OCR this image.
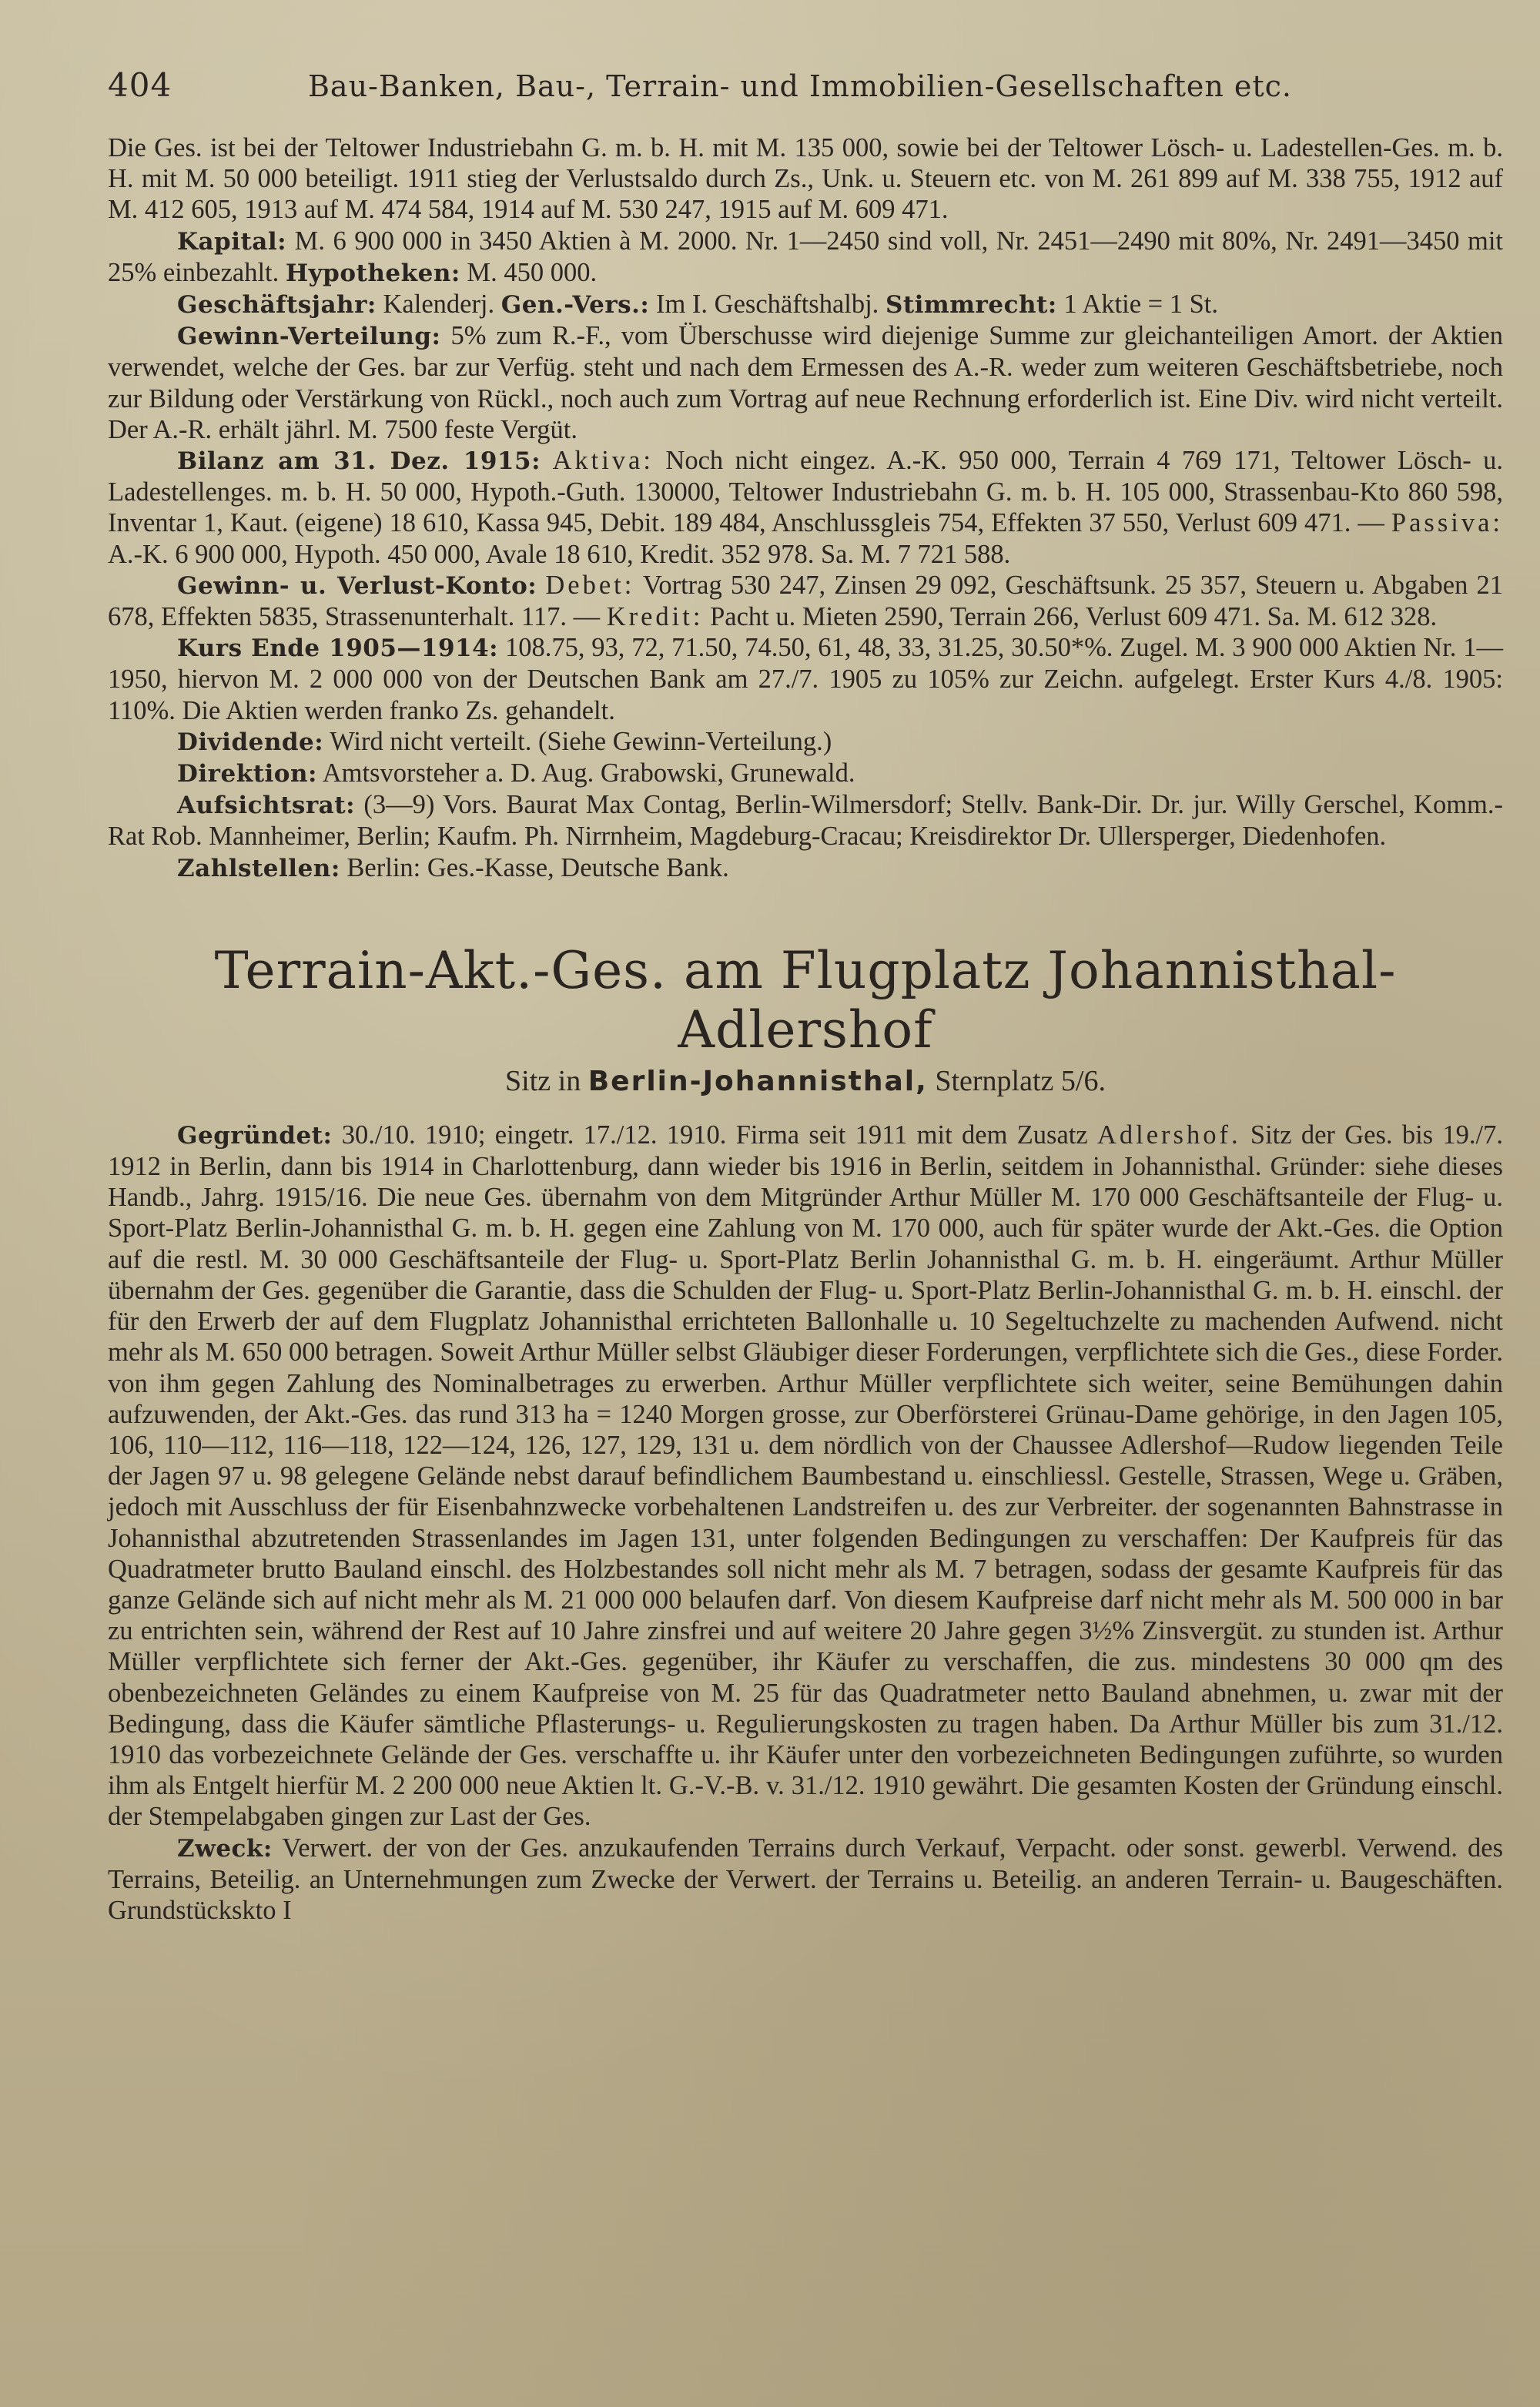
404	Bau-Banken, Bau-, Terrain- und Immobilien-Gesellschaften etc.

Die Ges. ist bei der Teltower Industriebahn G. m. b. H. mit M. 135 000, sowie bei der Teltower Lösch- u. Ladestellen-Ges. m. b. H. mit M. 50 000 beteiligt. 1911 stieg der Verlustsaldo durch Zs., Unk. u. Steuern etc. von M. 261 899 auf M. 338 755, 1912 auf M. 412 605, 1913 auf M. 474 584, 1914 auf M. 530 247, 1915 auf M. 609 471.

Kapital: M. 6 900 000 in 3450 Aktien à M. 2000. Nr. 1—2450 sind voll, Nr. 2451—2490 mit 80%, Nr. 2491—3450 mit 25% einbezahlt. Hypotheken: M. 450 000.

Geschäftsjahr: Kalenderj. Gen.-Vers.: Im I. Geschäftshalbj. Stimmrecht: 1 Aktie = 1 St.

Gewinn-Verteilung: 5% zum R.-F., vom Überschusse wird diejenige Summe zur gleichanteiligen Amort. der Aktien verwendet, welche der Ges. bar zur Verfüg. steht und nach dem Ermessen des A.-R. weder zum weiteren Geschäftsbetriebe, noch zur Bildung oder Verstärkung von Rückl., noch auch zum Vortrag auf neue Rechnung erforderlich ist. Eine Div. wird nicht verteilt. Der A.-R. erhält jährl. M. 7500 feste Vergüt.

Bilanz am 31. Dez. 1915: Aktiva: Noch nicht eingez. A.-K. 950 000, Terrain 4 769 171, Teltower Lösch- u. Ladestellenges. m. b. H. 50 000, Hypoth.-Guth. 130000, Teltower Industriebahn G. m. b. H. 105 000, Strassenbau-Kto 860 598, Inventar 1, Kaut. (eigene) 18 610, Kassa 945, Debit. 189 484, Anschlussgleis 754, Effekten 37 550, Verlust 609 471. — Passiva: A.-K. 6 900 000, Hypoth. 450 000, Avale 18 610, Kredit. 352 978. Sa. M. 7 721 588.

Gewinn- u. Verlust-Konto: Debet: Vortrag 530 247, Zinsen 29 092, Geschäftsunk. 25 357, Steuern u. Abgaben 21 678, Effekten 5835, Strassenunterhalt. 117. — Kredit: Pacht u. Mieten 2590, Terrain 266, Verlust 609 471. Sa. M. 612 328.

Kurs Ende 1905—1914: 108.75, 93, 72, 71.50, 74.50, 61, 48, 33, 31.25, 30.50*%. Zugel. M. 3 900 000 Aktien Nr. 1—1950, hiervon M. 2 000 000 von der Deutschen Bank am 27./7. 1905 zu 105% zur Zeichn. aufgelegt. Erster Kurs 4./8. 1905: 110%. Die Aktien werden franko Zs. gehandelt.

Dividende: Wird nicht verteilt. (Siehe Gewinn-Verteilung.)

Direktion: Amtsvorsteher a. D. Aug. Grabowski, Grunewald.

Aufsichtsrat: (3—9) Vors. Baurat Max Contag, Berlin-Wilmersdorf; Stellv. Bank-Dir. Dr. jur. Willy Gerschel, Komm.-Rat Rob. Mannheimer, Berlin; Kaufm. Ph. Nirrnheim, Magdeburg-Cracau; Kreisdirektor Dr. Ullersperger, Diedenhofen.

Zahlstellen: Berlin: Ges.-Kasse, Deutsche Bank.

Terrain-Akt.-Ges. am Flugplatz Johannisthal-Adlershof
Sitz in Berlin-Johannisthal, Sternplatz 5/6.

Gegründet: 30./10. 1910; eingetr. 17./12. 1910. Firma seit 1911 mit dem Zusatz Adlershof. Sitz der Ges. bis 19./7. 1912 in Berlin, dann bis 1914 in Charlottenburg, dann wieder bis 1916 in Berlin, seitdem in Johannisthal. Gründer: siehe dieses Handb., Jahrg. 1915/16. Die neue Ges. übernahm von dem Mitgründer Arthur Müller M. 170 000 Geschäftsanteile der Flug- u. Sport-Platz Berlin-Johannisthal G. m. b. H. gegen eine Zahlung von M. 170 000, auch für später wurde der Akt.-Ges. die Option auf die restl. M. 30 000 Geschäftsanteile der Flug- u. Sport-Platz Berlin Johannisthal G. m. b. H. eingeräumt. Arthur Müller übernahm der Ges. gegenüber die Garantie, dass die Schulden der Flug- u. Sport-Platz Berlin-Johannisthal G. m. b. H. einschl. der für den Erwerb der auf dem Flugplatz Johannisthal errichteten Ballonhalle u. 10 Segeltuchzelte zu machenden Aufwend. nicht mehr als M. 650 000 betragen. Soweit Arthur Müller selbst Gläubiger dieser Forderungen, verpflichtete sich die Ges., diese Forder. von ihm gegen Zahlung des Nominalbetrages zu erwerben. Arthur Müller verpflichtete sich weiter, seine Bemühungen dahin aufzuwenden, der Akt.-Ges. das rund 313 ha = 1240 Morgen grosse, zur Oberförsterei Grünau-Dame gehörige, in den Jagen 105, 106, 110—112, 116—118, 122—124, 126, 127, 129, 131 u. dem nördlich von der Chaussee Adlershof—Rudow liegenden Teile der Jagen 97 u. 98 gelegene Gelände nebst darauf befindlichem Baumbestand u. einschliessl. Gestelle, Strassen, Wege u. Gräben, jedoch mit Ausschluss der für Eisenbahnzwecke vorbehaltenen Landstreifen u. des zur Verbreiter. der sogenannten Bahnstrasse in Johannisthal abzutretenden Strassenlandes im Jagen 131, unter folgenden Bedingungen zu verschaffen: Der Kaufpreis für das Quadratmeter brutto Bauland einschl. des Holzbestandes soll nicht mehr als M. 7 betragen, sodass der gesamte Kaufpreis für das ganze Gelände sich auf nicht mehr als M. 21 000 000 belaufen darf. Von diesem Kaufpreise darf nicht mehr als M. 500 000 in bar zu entrichten sein, während der Rest auf 10 Jahre zinsfrei und auf weitere 20 Jahre gegen 3½% Zinsvergüt. zu stunden ist. Arthur Müller verpflichtete sich ferner der Akt.-Ges. gegenüber, ihr Käufer zu verschaffen, die zus. mindestens 30 000 qm des obenbezeichneten Geländes zu einem Kaufpreise von M. 25 für das Quadratmeter netto Bauland abnehmen, u. zwar mit der Bedingung, dass die Käufer sämtliche Pflasterungs- u. Regulierungskosten zu tragen haben. Da Arthur Müller bis zum 31./12. 1910 das vorbezeichnete Gelände der Ges. verschaffte u. ihr Käufer unter den vorbezeichneten Bedingungen zuführte, so wurden ihm als Entgelt hierfür M. 2 200 000 neue Aktien lt. G.-V.-B. v. 31./12. 1910 gewährt. Die gesamten Kosten der Gründung einschl. der Stempelabgaben gingen zur Last der Ges.

Zweck: Verwert. der von der Ges. anzukaufenden Terrains durch Verkauf, Verpacht. oder sonst. gewerbl. Verwend. des Terrains, Beteilig. an Unternehmungen zum Zwecke der Verwert. der Terrains u. Beteilig. an anderen Terrain- u. Baugeschäften. Grundstückskto I
